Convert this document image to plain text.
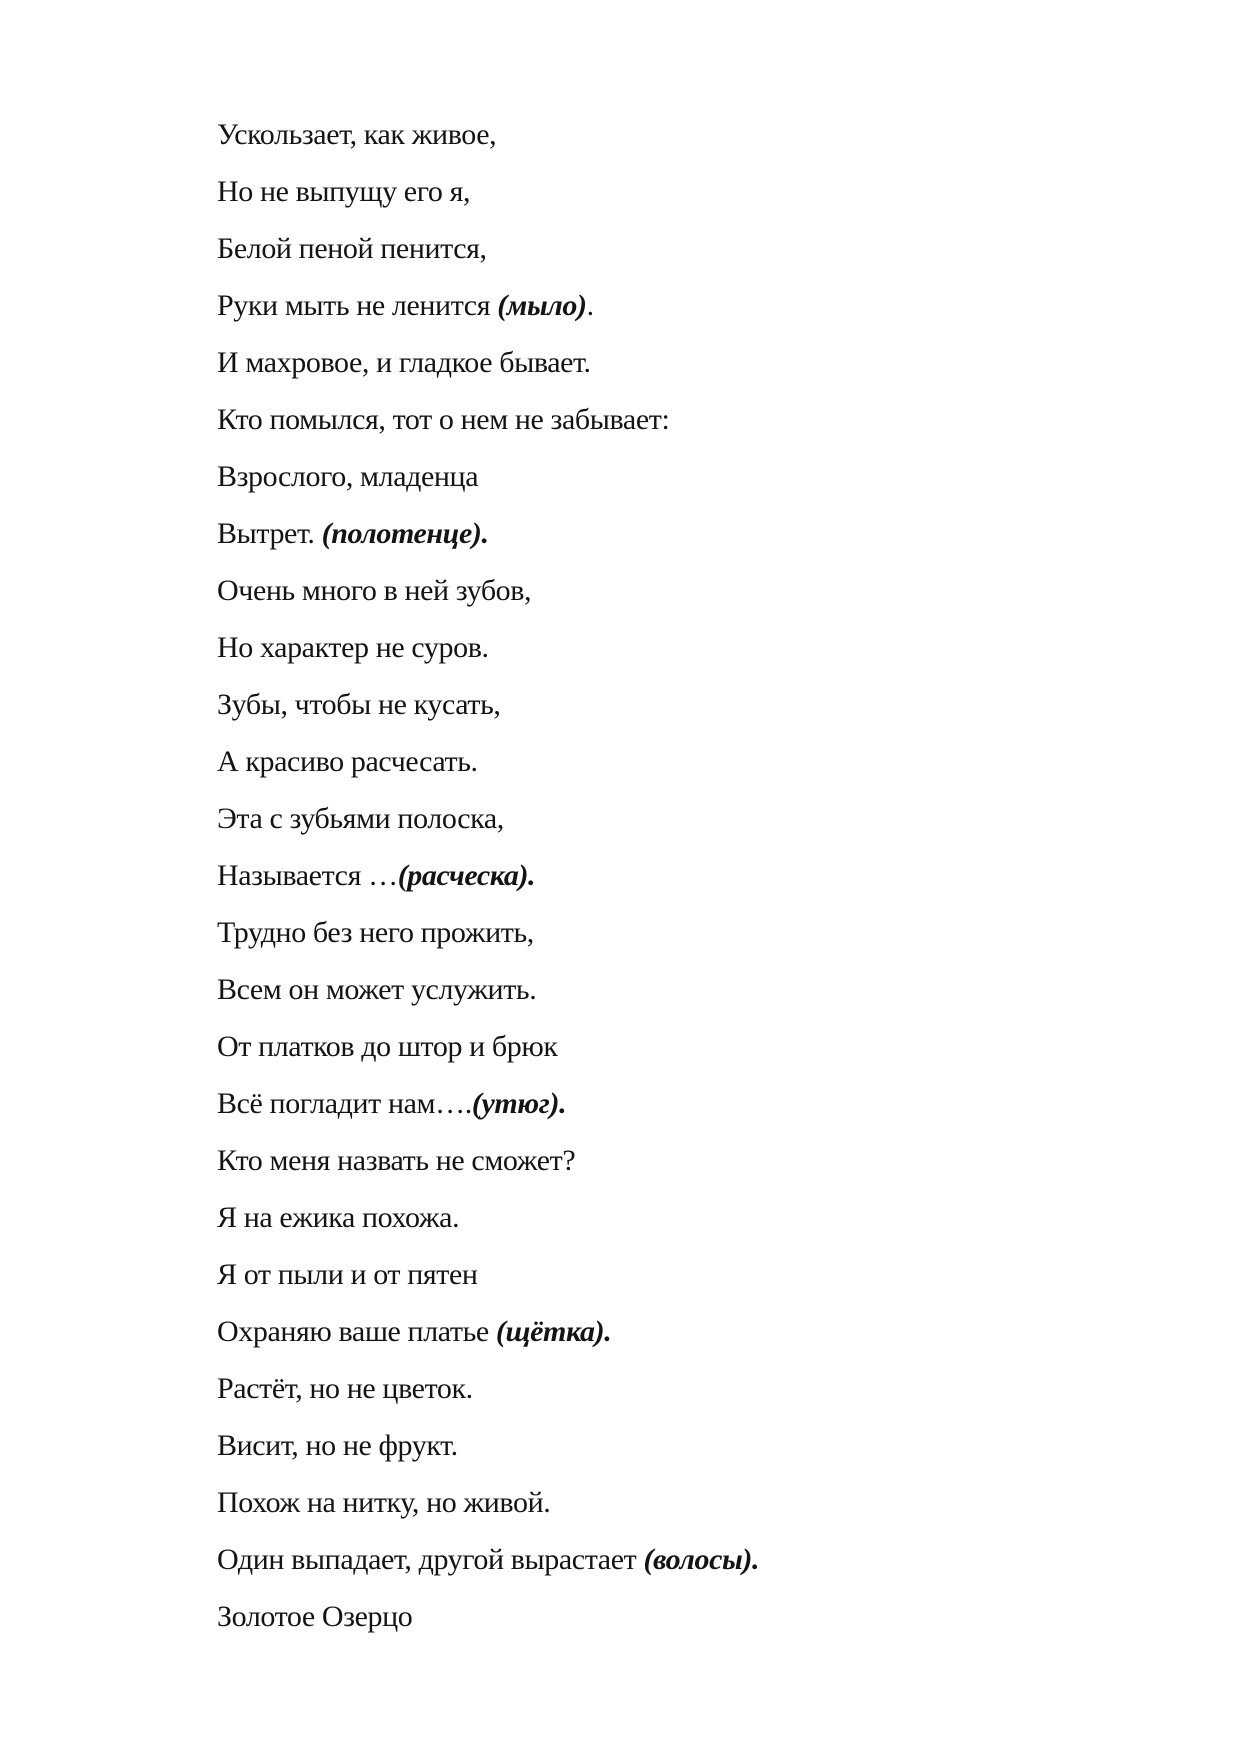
Ускользает, как живое,

Но не выпущу его я,

Белой пеной пенится,

Руки мыть не ленится (мыло).

И махровое, и гладкое бывает.

Кто помылся, тот о нем не забывает:

Взрослого, младенца

Вытрет. (полотенце).

Очень много в ней зубов,

Но характер не суров.

Зубы, чтобы не кусать,

А красиво расчесать.

Эта с зубьями полоска,

Называется …(расческа).

Трудно без него прожить,

Всем он может услужить.

От платков до штор и брюк

Всё погладит нам….(утюг).

Кто меня назвать не сможет?

Я на ежика похожа.

Я от пыли и от пятен

Охраняю ваше платье (щётка).

Растёт, но не цветок.

Висит, но не фрукт.

Похож на нитку, но живой.

Один выпадает, другой вырастает (волосы).

Золотое Озерцо
